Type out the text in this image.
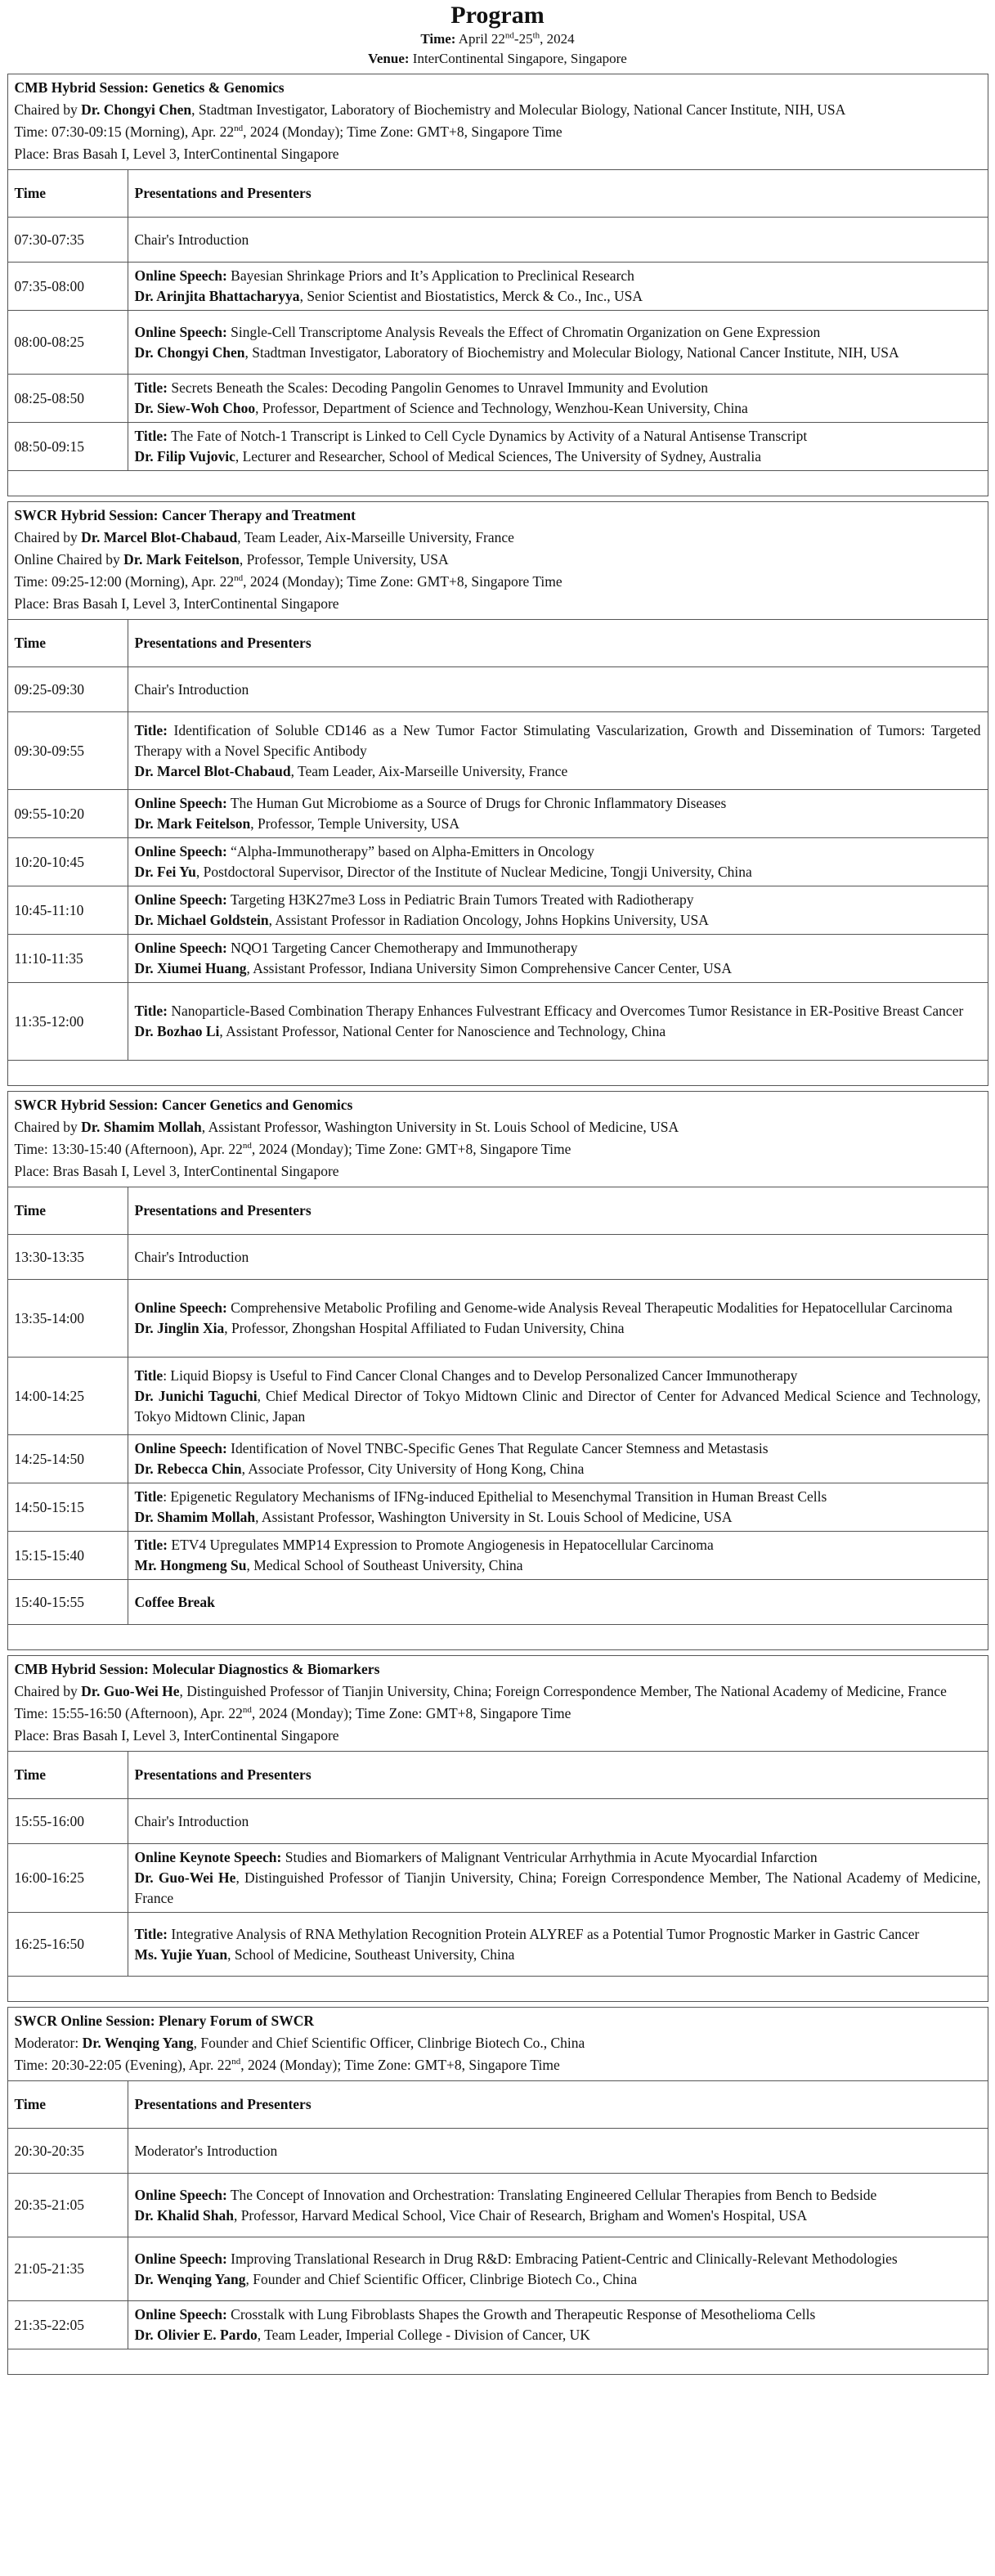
Program
Time: April 22nd-25th, 2024
Venue: InterContinental Singapore, Singapore
CMB Hybrid Session: Genetics & Genomics
Chaired by Dr. Chongyi Chen, Stadtman Investigator, Laboratory of Biochemistry and Molecular Biology, National Cancer Institute, NIH, USA
Time: 07:30-09:15 (Morning), Apr. 22nd, 2024 (Monday); Time Zone: GMT+8, Singapore Time
Place: Bras Basah I, Level 3, InterContinental Singapore	

Time	Presentations and Presenters
07:30-07:35	Chair's Introduction
07:35-08:00	Online Speech: Bayesian Shrinkage Priors and It’s Application to Preclinical Research
Dr. Arinjita Bhattacharyya, Senior Scientist and Biostatistics, Merck & Co., Inc., USA

08:00-08:25	Online Speech: Single-Cell Transcriptome Analysis Reveals the Effect of Chromatin Organization on Gene Expression
Dr. Chongyi Chen, Stadtman Investigator, Laboratory of Biochemistry and Molecular Biology, National Cancer Institute, NIH, USA

08:25-08:50	Title: Secrets Beneath the Scales: Decoding Pangolin Genomes to Unravel Immunity and Evolution
Dr. Siew-Woh Choo, Professor, Department of Science and Technology, Wenzhou-Kean University, China

08:50-09:15	Title: The Fate of Notch-1 Transcript is Linked to Cell Cycle Dynamics by Activity of a Natural Antisense Transcript
Dr. Filip Vujovic, Lecturer and Researcher, School of Medical Sciences, The University of Sydney, Australia

SWCR Hybrid Session: Cancer Therapy and Treatment
Chaired by Dr. Marcel Blot-Chabaud, Team Leader, Aix-Marseille University, France
Online Chaired by Dr. Mark Feitelson, Professor, Temple University, USA
Time: 09:25-12:00 (Morning), Apr. 22nd, 2024 (Monday); Time Zone: GMT+8, Singapore Time
Place: Bras Basah I, Level 3, InterContinental Singapore	

Time	Presentations and Presenters
09:25-09:30	Chair's Introduction
09:30-09:55	Title: Identification of Soluble CD146 as a New Tumor Factor Stimulating Vascularization, Growth and Dissemination of Tumors: Targeted Therapy with a Novel Specific Antibody
Dr. Marcel Blot-Chabaud, Team Leader, Aix-Marseille University, France

09:55-10:20	Online Speech: The Human Gut Microbiome as a Source of Drugs for Chronic Inflammatory Diseases
Dr. Mark Feitelson, Professor, Temple University, USA

10:20-10:45	Online Speech: “Alpha-Immunotherapy” based on Alpha-Emitters in Oncology
Dr. Fei Yu, Postdoctoral Supervisor, Director of the Institute of Nuclear Medicine, Tongji University, China

10:45-11:10	Online Speech: Targeting H3K27me3 Loss in Pediatric Brain Tumors Treated with Radiotherapy
Dr. Michael Goldstein, Assistant Professor in Radiation Oncology, Johns Hopkins University, USA

11:10-11:35	Online Speech: NQO1 Targeting Cancer Chemotherapy and Immunotherapy
Dr. Xiumei Huang, Assistant Professor, Indiana University Simon Comprehensive Cancer Center, USA

11:35-12:00	Title: Nanoparticle-Based Combination Therapy Enhances Fulvestrant Efficacy and Overcomes Tumor Resistance in ER-Positive Breast Cancer
Dr. Bozhao Li, Assistant Professor, National Center for Nanoscience and Technology, China

SWCR Hybrid Session: Cancer Genetics and Genomics
Chaired by Dr. Shamim Mollah, Assistant Professor, Washington University in St. Louis School of Medicine, USA
Time: 13:30-15:40 (Afternoon), Apr. 22nd, 2024 (Monday); Time Zone: GMT+8, Singapore Time
Place: Bras Basah I, Level 3, InterContinental Singapore	

Time	Presentations and Presenters
13:30-13:35	Chair's Introduction
13:35-14:00	Online Speech: Comprehensive Metabolic Profiling and Genome-wide Analysis Reveal Therapeutic Modalities for Hepatocellular Carcinoma
Dr. Jinglin Xia, Professor, Zhongshan Hospital Affiliated to Fudan University, China

14:00-14:25	Title: Liquid Biopsy is Useful to Find Cancer Clonal Changes and to Develop Personalized Cancer Immunotherapy
Dr. Junichi Taguchi, Chief Medical Director of Tokyo Midtown Clinic and Director of Center for Advanced Medical Science and Technology, Tokyo Midtown Clinic, Japan

14:25-14:50	Online Speech: Identification of Novel TNBC-Specific Genes That Regulate Cancer Stemness and Metastasis
Dr. Rebecca Chin, Associate Professor, City University of Hong Kong, China

14:50-15:15	Title: Epigenetic Regulatory Mechanisms of IFNg-induced Epithelial to Mesenchymal Transition in Human Breast Cells
Dr. Shamim Mollah, Assistant Professor, Washington University in St. Louis School of Medicine, USA

15:15-15:40	Title: ETV4 Upregulates MMP14 Expression to Promote Angiogenesis in Hepatocellular Carcinoma
Mr. Hongmeng Su, Medical School of Southeast University, China

15:40-15:55	Coffee Break

CMB Hybrid Session: Molecular Diagnostics & Biomarkers
Chaired by Dr. Guo-Wei He, Distinguished Professor of Tianjin University, China; Foreign Correspondence Member, The National Academy of Medicine, France
Time: 15:55-16:50 (Afternoon), Apr. 22nd, 2024 (Monday); Time Zone: GMT+8, Singapore Time
Place: Bras Basah I, Level 3, InterContinental Singapore	

Time	Presentations and Presenters
15:55-16:00	Chair's Introduction
16:00-16:25	Online Keynote Speech: Studies and Biomarkers of Malignant Ventricular Arrhythmia in Acute Myocardial Infarction
Dr. Guo-Wei He, Distinguished Professor of Tianjin University, China; Foreign Correspondence Member, The National Academy of Medicine, France

16:25-16:50	Title: Integrative Analysis of RNA Methylation Recognition Protein ALYREF as a Potential Tumor Prognostic Marker in Gastric Cancer
Ms. Yujie Yuan, School of Medicine, Southeast University, China

SWCR Online Session: Plenary Forum of SWCR
Moderator: Dr. Wenqing Yang, Founder and Chief Scientific Officer, Clinbrige Biotech Co., China
Time: 20:30-22:05 (Evening), Apr. 22nd, 2024 (Monday); Time Zone: GMT+8, Singapore Time	

Time	Presentations and Presenters
20:30-20:35	Moderator's Introduction
20:35-21:05	Online Speech: The Concept of Innovation and Orchestration: Translating Engineered Cellular Therapies from Bench to Bedside
Dr. Khalid Shah, Professor, Harvard Medical School, Vice Chair of Research, Brigham and Women's Hospital, USA

21:05-21:35	Online Speech: Improving Translational Research in Drug R&D: Embracing Patient-Centric and Clinically-Relevant Methodologies
Dr. Wenqing Yang, Founder and Chief Scientific Officer, Clinbrige Biotech Co., China

21:35-22:05	Online Speech: Crosstalk with Lung Fibroblasts Shapes the Growth and Therapeutic Response of Mesothelioma Cells
Dr. Olivier E. Pardo, Team Leader, Imperial College - Division of Cancer, UK
